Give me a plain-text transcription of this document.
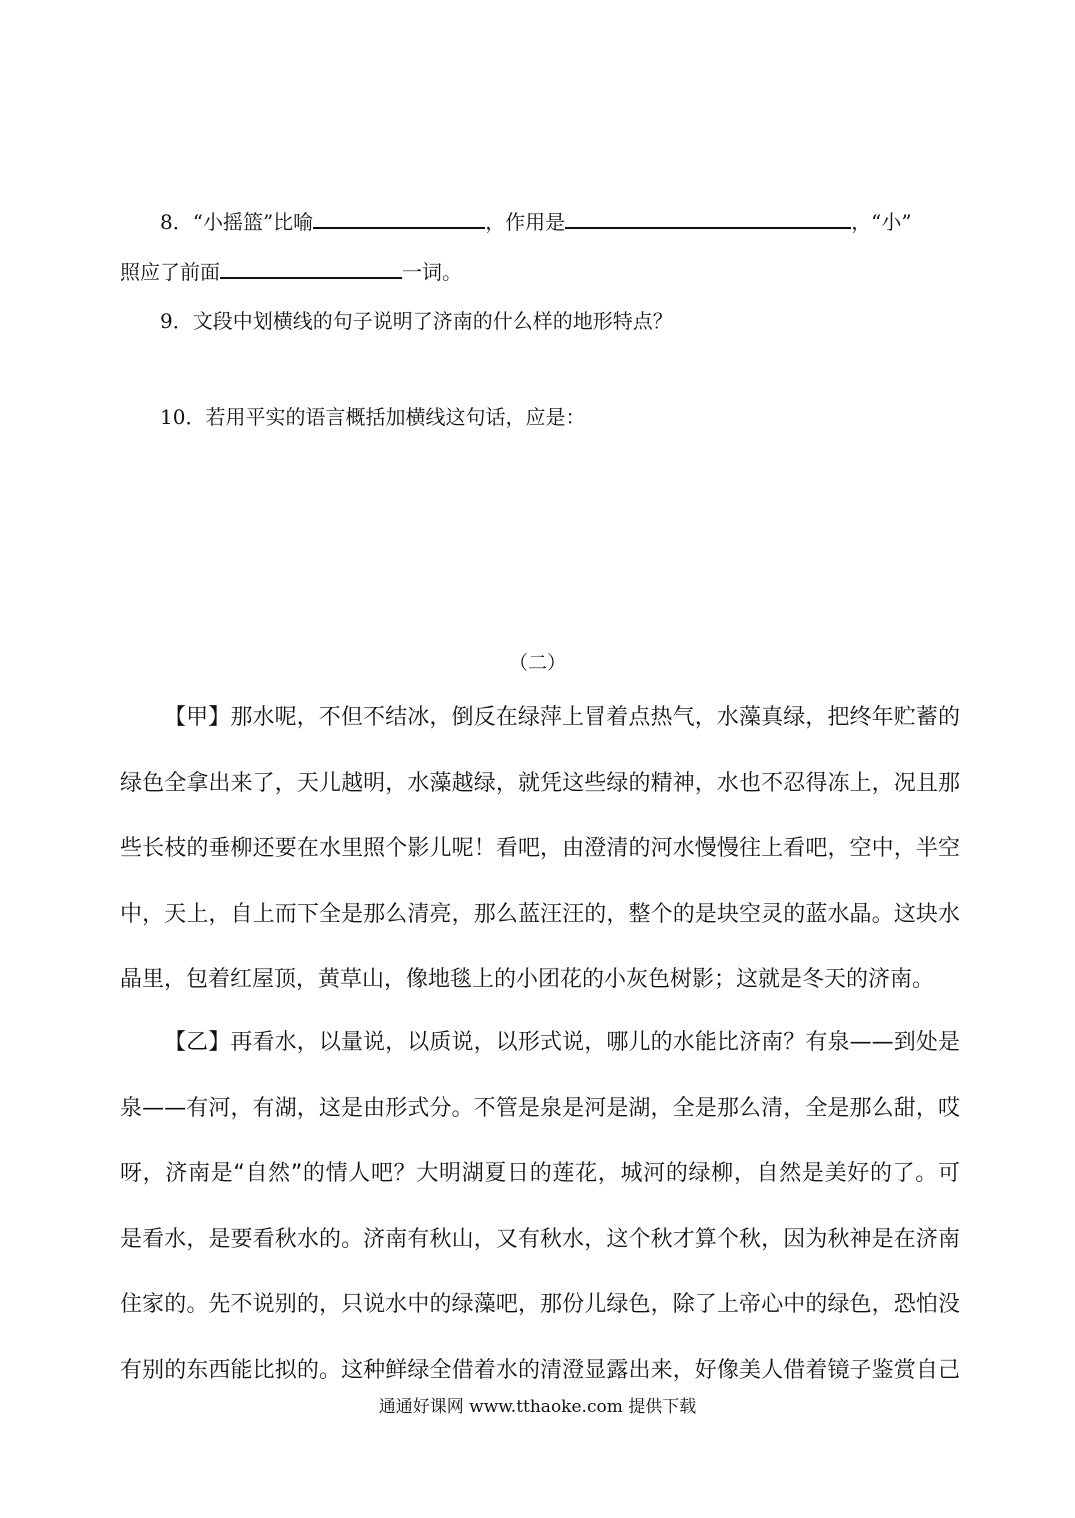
8．“小摇篮”比喻	，作用是	，“小”
照应了前面	一词。
9．文段中划横线的句子说明了济南的什么样的地形特点？
10．若用平实的语言概括加横线这句话，应是：
（二）
【甲】那水呢，不但不结冰，倒反在绿萍上冒着点热气，水藻真绿，把终年贮蓄的
绿色全拿出来了，天儿越明，水藻越绿，就凭这些绿的精神，水也不忍得冻上，况且那
些长枝的垂柳还要在水里照个影儿呢！看吧，由澄清的河水慢慢往上看吧，空中，半空
中，天上，自上而下全是那么清亮，那么蓝汪汪的，整个的是块空灵的蓝水晶。这块水
晶里，包着红屋顶，黄草山，像地毯上的小团花的小灰色树影；这就是冬天的济南。
【乙】再看水，以量说，以质说，以形式说，哪儿的水能比济南？有泉——到处是
泉——有河，有湖，这是由形式分。不管是泉是河是湖，全是那么清，全是那么甜，哎
呀，济南是“自然”的情人吧？大明湖夏日的莲花，城河的绿柳，自然是美好的了。可
是看水，是要看秋水的。济南有秋山，又有秋水，这个秋才算个秋，因为秋神是在济南
住家的。先不说别的，只说水中的绿藻吧，那份儿绿色，除了上帝心中的绿色，恐怕没
有别的东西能比拟的。这种鲜绿全借着水的清澄显露出来，好像美人借着镜子鉴赏自己
通通好课网 www.tthaoke.com 提供下载
